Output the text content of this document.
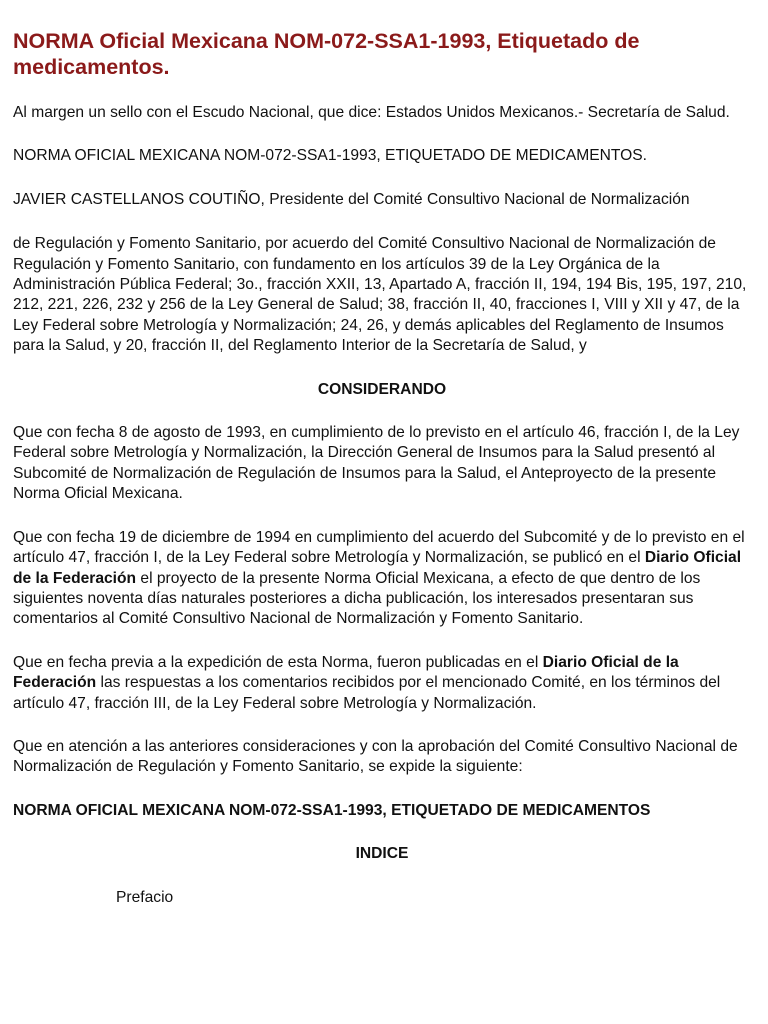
NORMA Oficial Mexicana NOM-072-SSA1-1993, Etiquetado de medicamentos.

Al margen un sello con el Escudo Nacional, que dice: Estados Unidos Mexicanos.- Secretaría de Salud.

NORMA OFICIAL MEXICANA NOM-072-SSA1-1993, ETIQUETADO DE MEDICAMENTOS.

JAVIER CASTELLANOS COUTIÑO, Presidente del Comité Consultivo Nacional de Normalización

de Regulación y Fomento Sanitario, por acuerdo del Comité Consultivo Nacional de Normalización de Regulación y Fomento Sanitario, con fundamento en los artículos 39 de la Ley Orgánica de la Administración Pública Federal; 3o., fracción XXII, 13, Apartado A, fracción II, 194, 194 Bis, 195, 197, 210, 212, 221, 226, 232 y 256 de la Ley General de Salud; 38, fracción II, 40, fracciones I, VIII y XII y 47, de la Ley Federal sobre Metrología y Normalización; 24, 26, y demás aplicables del Reglamento de Insumos para la Salud, y 20, fracción II, del Reglamento Interior de la Secretaría de Salud, y

CONSIDERANDO

Que con fecha 8 de agosto de 1993, en cumplimiento de lo previsto en el artículo 46, fracción I, de la Ley Federal sobre Metrología y Normalización, la Dirección General de Insumos para la Salud presentó al Subcomité de Normalización de Regulación de Insumos para la Salud, el Anteproyecto de la presente Norma Oficial Mexicana.

Que con fecha 19 de diciembre de 1994 en cumplimiento del acuerdo del Subcomité y de lo previsto en el artículo 47, fracción I, de la Ley Federal sobre Metrología y Normalización, se publicó en el Diario Oficial de la Federación el proyecto de la presente Norma Oficial Mexicana, a efecto de que dentro de los siguientes noventa días naturales posteriores a dicha publicación, los interesados presentaran sus comentarios al Comité Consultivo Nacional de Normalización y Fomento Sanitario.

Que en fecha previa a la expedición de esta Norma, fueron publicadas en el Diario Oficial de la Federación las respuestas a los comentarios recibidos por el mencionado Comité, en los términos del artículo 47, fracción III, de la Ley Federal sobre Metrología y Normalización.

Que en atención a las anteriores consideraciones y con la aprobación del Comité Consultivo Nacional de Normalización de Regulación y Fomento Sanitario, se expide la siguiente:

NORMA OFICIAL MEXICANA NOM-072-SSA1-1993, ETIQUETADO DE MEDICAMENTOS

INDICE

Prefacio
